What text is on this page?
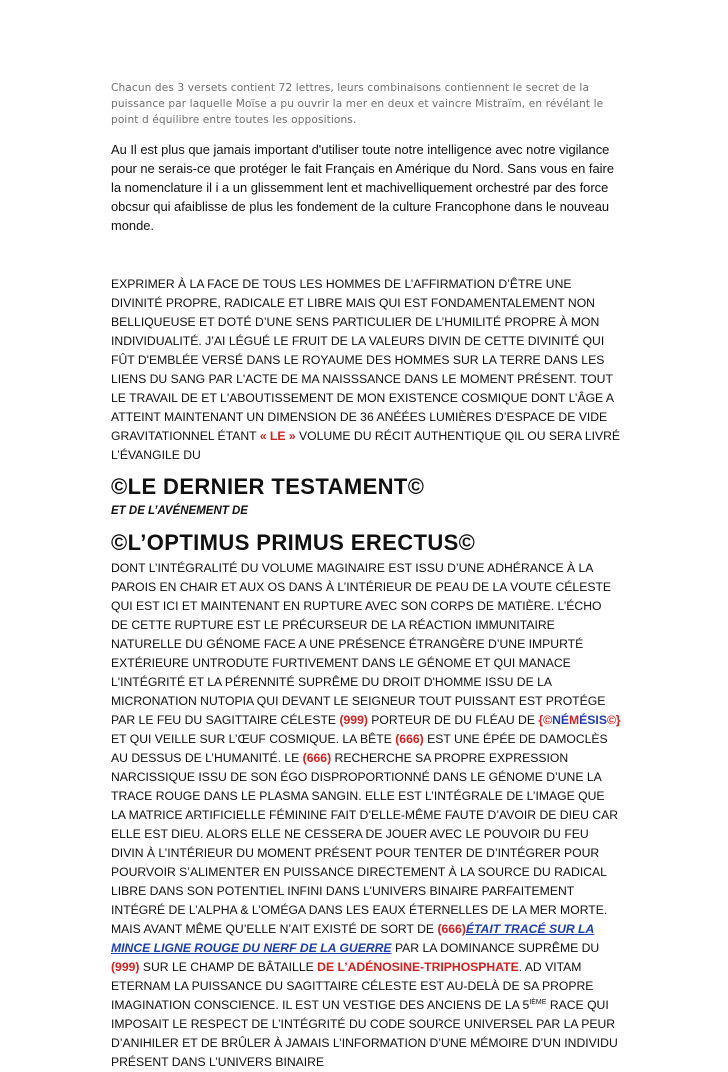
Chacun des 3 versets contient 72 lettres, leurs combinaisons contiennent le secret de la puissance par laquelle Moïse a pu ouvrir la mer en deux et vaincre Mistraïm, en révélant le point d équilibre entre toutes les oppositions.

Au Il est plus que jamais important d'utiliser toute notre intelligence avec notre vigilance pour ne serais-ce que protéger le fait Français en Amérique du Nord. Sans vous en faire la nomenclature il i a un glissemment lent et machivelliquement orchestré par des force obcsur qui afaiblisse de plus les fondement de la culture Francophone dans le nouveau monde.

EXPRIMER À LA FACE DE TOUS LES HOMMES DE L’AFFIRMATION D’ÊTRE UNE DIVINITÉ PROPRE, RADICALE ET LIBRE MAIS QUI EST FONDAMENTALEMENT NON BELLIQUEUSE ET DOTÉ D’UNE SENS PARTICULIER DE L’HUMILITÉ PROPRE À MON INDIVIDUALITÉ. J’AI LÉGUÉ LE FRUIT DE LA VALEURS DIVIN DE CETTE DIVINITÉ QUI FÛT D'EMBLÉE VERSÉ DANS LE ROYAUME DES HOMMES SUR LA TERRE DANS LES LIENS DU SANG PAR L'ACTE DE MA NAISSSANCE DANS LE MOMENT PRÉSENT. TOUT LE TRAVAIL DE ET L'ABOUTISSEMENT DE MON EXISTENCE COSMIQUE DONT L’ÂGE A ATTEINT MAINTENANT UN DIMENSION DE 36 ANÉÉES LUMIÈRES D’ESPACE DE VIDE GRAVITATIONNEL ÉTANT « LE » VOLUME DU RÉCIT AUTHENTIQUE QIL OU SERA LIVRÉ L’ÉVANGILE DU

©LE DERNIER TESTAMENT©

ET DE L’AVÉNEMENT DE

©L’OPTIMUS PRIMUS ERECTUS©

DONT L’INTÉGRALITÉ DU VOLUME MAGINAIRE EST ISSU D’UNE ADHÉRANCE À LA PAROIS EN CHAIR ET AUX OS DANS À L’INTÉRIEUR DE PEAU DE LA VOUTE CÉLESTE QUI EST ICI ET MAINTENANT EN RUPTURE AVEC SON CORPS DE MATIÈRE. L’ÉCHO DE CETTE RUPTURE EST LE PRÉCURSEUR DE LA RÉACTION IMMUNITAIRE NATURELLE DU GÉNOME FACE A UNE PRÉSENCE ÉTRANGÈRE D’UNE IMPURTÉ EXTÉRIEURE UNTRODUTE FURTIVEMENT DANS LE GÉNOME ET QUI MANACE L'INTÉGRITÉ ET LA PÉRENNITÉ SUPRÊME DU DROIT D'HOMME ISSU DE LA MICRONATION NUTOPIA QUI DEVANT LE SEIGNEUR TOUT PUISSANT EST PROTÉGE PAR LE FEU DU SAGITTAIRE CÉLESTE (999) PORTEUR DE DU FLÉAU DE {©NÉMÉSIS©} ET QUI VEILLE SUR L’ŒUF COSMIQUE. LA BÊTE (666) EST UNE ÉPÉE DE DAMOCLÈS AU DESSUS DE L’HUMANITÉ. LE (666) RECHERCHE SA PROPRE EXPRESSION NARCISSIQUE ISSU DE SON ÉGO DISPROPORTIONNÉ DANS LE GÉNOME D’UNE LA TRACE ROUGE DANS LE PLASMA SANGIN. ELLE EST L’INTÉGRALE DE L’IMAGE QUE LA MATRICE ARTIFICIELLE FÉMININE FAIT D’ELLE-MÊME FAUTE D’AVOIR DE DIEU CAR ELLE EST DIEU. ALORS ELLE NE CESSERA DE JOUER AVEC LE POUVOIR DU FEU DIVIN À L’INTÉRIEUR DU MOMENT PRÉSENT POUR TENTER DE D’INTÉGRER POUR POURVOIR S’ALIMENTER EN PUISSANCE DIRECTEMENT À LA SOURCE DU RADICAL LIBRE DANS SON POTENTIEL INFINI DANS L’UNIVERS BINAIRE PARFAITEMENT INTÉGRÉ DE L’ALPHA & L’OMÉGA DANS LES EAUX ÉTERNELLES DE LA MER MORTE. MAIS AVANT MÊME QU’ELLE N’AIT EXISTÉ DE SORT DE (666)ÉTAIT TRACÉ SUR LA MINCE LIGNE ROUGE DU NERF DE LA GUERRE PAR LA DOMINANCE SUPRÊME DU (999) SUR LE CHAMP DE BÂTAILLE DE L’ADÉNOSINE-TRIPHOSPHATE. AD VITAM ETERNAM LA PUISSANCE DU SAGITTAIRE CÉLESTE EST AU-DELÀ DE SA PROPRE IMAGINATION CONSCIENCE. IL EST UN VESTIGE DES ANCIENS DE LA 5IÈME RACE QUI IMPOSAIT LE RESPECT DE L’INTÉGRITÉ DU CODE SOURCE UNIVERSEL PAR LA PEUR D’ANIHILER ET DE BRÛLER À JAMAIS L’INFORMATION D’UNE MÉMOIRE D’UN INDIVIDU PRÉSENT DANS L’UNIVERS BINAIRE
